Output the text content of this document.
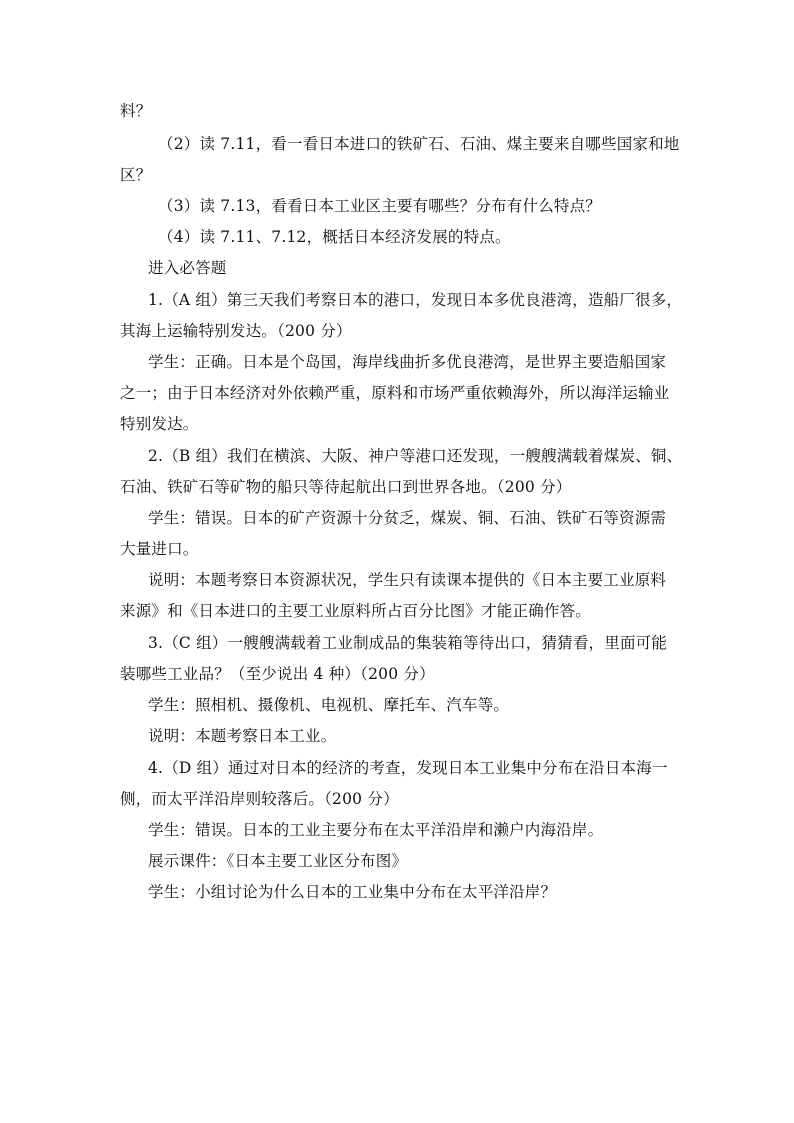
料？
（2）读 7.11，看一看日本进口的铁矿石、石油、煤主要来自哪些国家和地
区？
（3）读 7.13，看看日本工业区主要有哪些？分布有什么特点？
（4）读 7.11、7.12，概括日本经济发展的特点。
进入必答题
1.（A 组）第三天我们考察日本的港口，发现日本多优良港湾，造船厂很多，
其海上运输特别发达。（200 分）
学生：正确。日本是个岛国，海岸线曲折多优良港湾，是世界主要造船国家
之一；由于日本经济对外依赖严重，原料和市场严重依赖海外，所以海洋运输业
特别发达。
2.（B 组）我们在横滨、大阪、神户等港口还发现，一艘艘满载着煤炭、铜、
石油、铁矿石等矿物的船只等待起航出口到世界各地。（200 分）
学生：错误。日本的矿产资源十分贫乏，煤炭、铜、石油、铁矿石等资源需
大量进口。
说明：本题考察日本资源状况，学生只有读课本提供的《日本主要工业原料
来源》和《日本进口的主要工业原料所占百分比图》才能正确作答。
3.（C 组）一艘艘满载着工业制成品的集装箱等待出口，猜猜看，里面可能
装哪些工业品？（至少说出 4 种）（200 分）
学生：照相机、摄像机、电视机、摩托车、汽车等。
说明：本题考察日本工业。
4.（D 组）通过对日本的经济的考查，发现日本工业集中分布在沿日本海一
侧，而太平洋沿岸则较落后。（200 分）
学生：错误。日本的工业主要分布在太平洋沿岸和濑户内海沿岸。
展示课件：《日本主要工业区分布图》
学生：小组讨论为什么日本的工业集中分布在太平洋沿岸？
